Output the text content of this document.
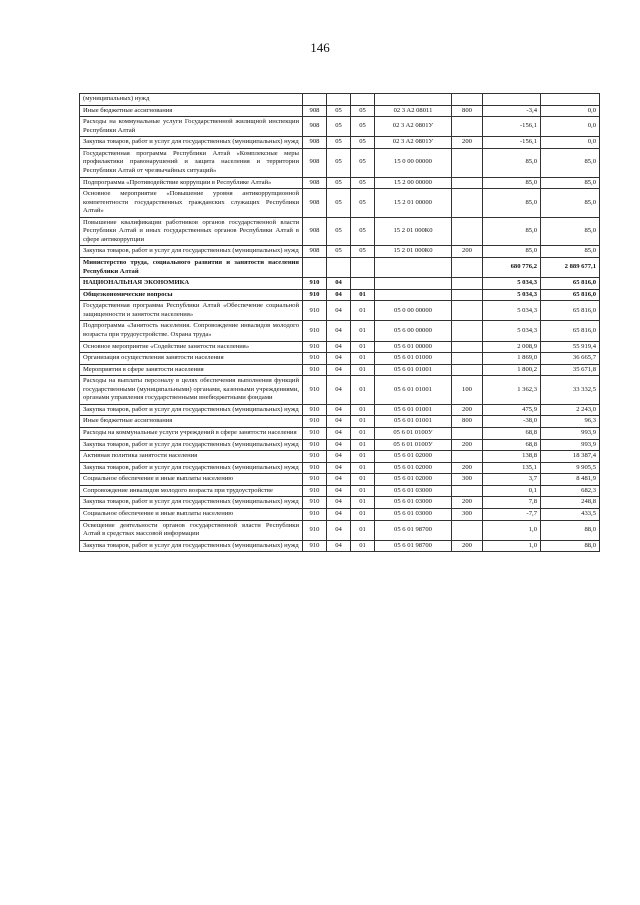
146
(муниципальных) нужд							
Иные бюджетные ассигнования	908	05	05	02 3 A2 08011	800	-3,4	0,0
Расходы на коммунальные услуги Государственной жилищной инспекции Республики Алтай	908	05	05	02 3 A2 0801У		-156,1	0,0
Закупка товаров, работ и услуг для государственных (муниципальных) нужд	908	05	05	02 3 A2 0801У	200	-156,1	0,0
Государственная программа Республики Алтай «Комплексные меры профилактики правонарушений и защита населения и территории Республики Алтай от чрезвычайных ситуаций»	908	05	05	15 0 00 00000		85,0	85,0
Подпрограмма «Противодействие коррупции в Республике Алтай»	908	05	05	15 2 00 00000		85,0	85,0
Основное мероприятие «Повышение уровня антикоррупционной компетентности государственных гражданских служащих Республики Алтай»	908	05	05	15 2 01 00000		85,0	85,0
Повышение квалификации работников органов государственной власти Республики Алтай и иных государственных органов Республики Алтай в сфере антикоррупции	908	05	05	15 2 01 000К0		85,0	85,0
Закупка товаров, работ и услуг для государственных (муниципальных) нужд	908	05	05	15 2 01 000К0	200	85,0	85,0
Министерство труда, социального развития и занятости населения Республики Алтай						680 776,2	2 889 677,1
НАЦИОНАЛЬНАЯ ЭКОНОМИКА	910	04				5 034,3	65 816,0
Общеэкономические вопросы	910	04	01			5 034,3	65 816,0
Государственная программа Республики Алтай «Обеспечение социальной защищенности и занятости населения»	910	04	01	05 0 00 00000		5 034,3	65 816,0
Подпрограмма «Занятость населения. Сопровождение инвалидов молодого возраста при трудоустройстве. Охрана труда»	910	04	01	05 6 00 00000		5 034,3	65 816,0
Основное мероприятие «Содействие занятости населения»	910	04	01	05 6 01 00000		2 008,9	55 919,4
Организация осуществления занятости населения	910	04	01	05 6 01 01000		1 869,0	36 665,7
Мероприятия в сфере занятости населения	910	04	01	05 6 01 01001		1 800,2	35 671,8
Расходы на выплаты персоналу в целях обеспечения выполнения функций государственными (муниципальными) органами, казенными учреждениями, органами управления государственными внебюджетными фондами	910	04	01	05 6 01 01001	100	1 362,3	33 332,5
Закупка товаров, работ и услуг для государственных (муниципальных) нужд	910	04	01	05 6 01 01001	200	475,9	2 243,0
Иные бюджетные ассигнования	910	04	01	05 6 01 01001	800	-38,0	96,3
Расходы на коммунальные услуги учреждений в сфере занятости населения	910	04	01	05 6 01 0100У		68,8	993,9
Закупка товаров, работ и услуг для государственных (муниципальных) нужд	910	04	01	05 6 01 0100У	200	68,8	993,9
Активная политика занятости населения	910	04	01	05 6 01 02000		138,8	18 387,4
Закупка товаров, работ и услуг для государственных (муниципальных) нужд	910	04	01	05 6 01 02000	200	135,1	9 905,5
Социальное обеспечение и иные выплаты населению	910	04	01	05 6 01 02000	300	3,7	8 481,9
Сопровождение инвалидов молодого возраста при трудоустройстве	910	04	01	05 6 01 03000		0,1	682,3
Закупка товаров, работ и услуг для государственных (муниципальных) нужд	910	04	01	05 6 01 03000	200	7,8	248,8
Социальное обеспечение и иные выплаты населению	910	04	01	05 6 01 03000	300	-7,7	433,5
Освещение деятельности органов государственной власти Республики Алтай в средствах массовой информации	910	04	01	05 6 01 98700		1,0	88,0
Закупка товаров, работ и услуг для государственных (муниципальных) нужд	910	04	01	05 6 01 98700	200	1,0	88,0
